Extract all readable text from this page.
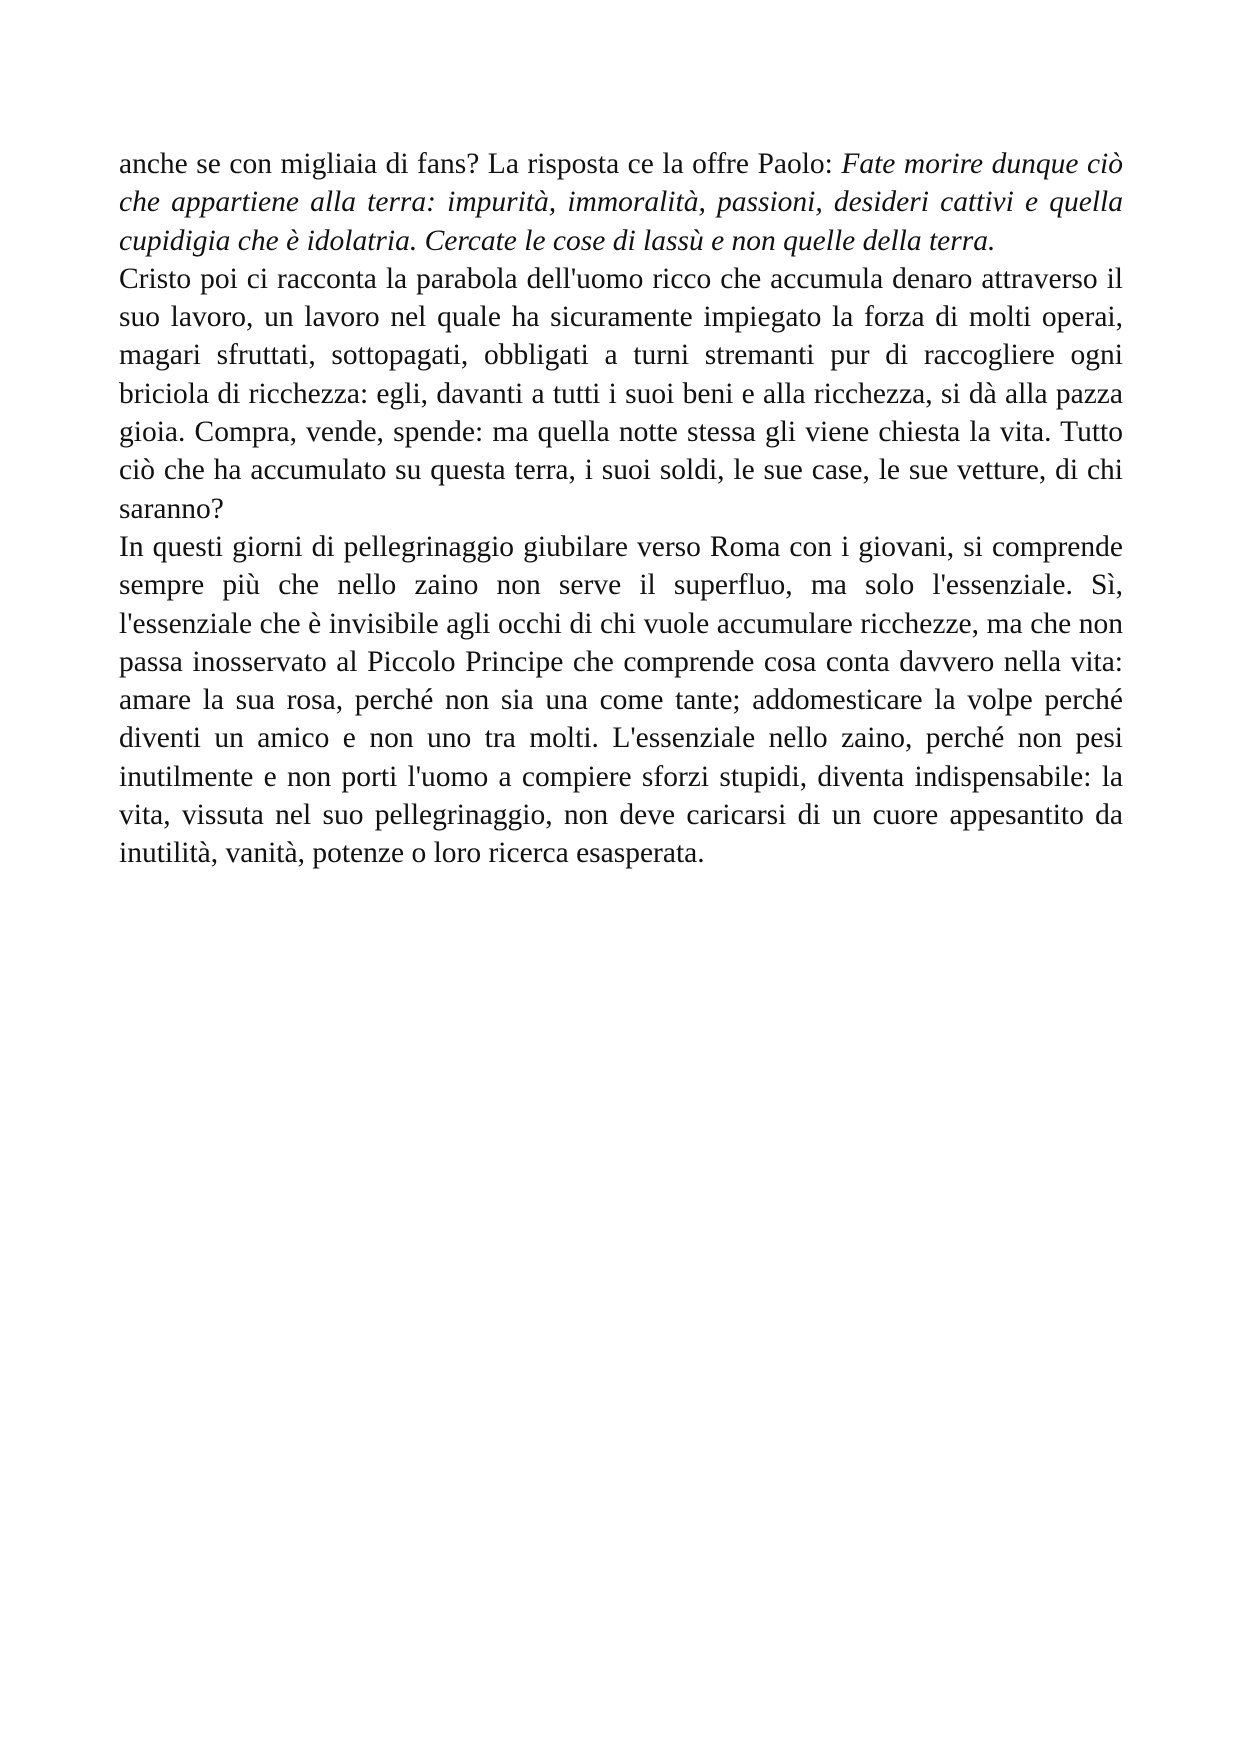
anche se con migliaia di fans? La risposta ce la offre Paolo: Fate morire dunque ciò che appartiene alla terra: impurità, immoralità, passioni, desideri cattivi e quella cupidigia che è idolatria. Cercate le cose di lassù e non quelle della terra.

Cristo poi ci racconta la parabola dell'uomo ricco che accumula denaro attraverso il suo lavoro, un lavoro nel quale ha sicuramente impiegato la forza di molti operai, magari sfruttati, sottopagati, obbligati a turni stremanti pur di raccogliere ogni briciola di ricchezza: egli, davanti a tutti i suoi beni e alla ricchezza, si dà alla pazza gioia. Compra, vende, spende: ma quella notte stessa gli viene chiesta la vita. Tutto ciò che ha accumulato su questa terra, i suoi soldi, le sue case, le sue vetture, di chi saranno?

In questi giorni di pellegrinaggio giubilare verso Roma con i giovani, si comprende sempre più che nello zaino non serve il superfluo, ma solo l'essenziale. Sì, l'essenziale che è invisibile agli occhi di chi vuole accumulare ricchezze, ma che non passa inosservato al Piccolo Principe che comprende cosa conta davvero nella vita: amare la sua rosa, perché non sia una come tante; addomesticare la volpe perché diventi un amico e non uno tra molti. L'essenziale nello zaino, perché non pesi inutilmente e non porti l'uomo a compiere sforzi stupidi, diventa indispensabile: la vita, vissuta nel suo pellegrinaggio, non deve caricarsi di un cuore appesantito da inutilità, vanità, potenze o loro ricerca esasperata.
